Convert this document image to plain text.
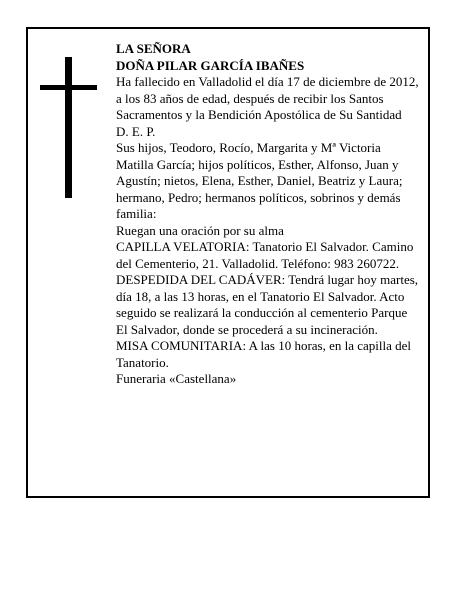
LA SEÑORA

DOÑA PILAR GARCÍA IBAÑES

Ha fallecido en Valladolid el día 17 de diciembre de 2012, a los 83 años de edad, después de recibir los Santos Sacramentos y la Bendición Apostólica de Su Santidad

D. E. P.

Sus hijos, Teodoro, Rocío, Margarita y Mª Victoria Matilla García; hijos políticos, Esther, Alfonso, Juan y Agustín; nietos, Elena, Esther, Daniel, Beatriz y Laura; hermano, Pedro; hermanos políticos, sobrinos y demás familia:

Ruegan una oración por su alma

CAPILLA VELATORIA: Tanatorio El Salvador. Camino del Cementerio, 21. Valladolid. Teléfono: 983 260722.

DESPEDIDA DEL CADÁVER: Tendrá lugar hoy martes, día 18, a las 13 horas, en el Tanatorio El Salvador. Acto seguido se realizará la conducción al cementerio Parque El Salvador, donde se procederá a su incineración.

MISA COMUNITARIA: A las 10 horas, en la capilla del Tanatorio.

Funeraria «Castellana»
